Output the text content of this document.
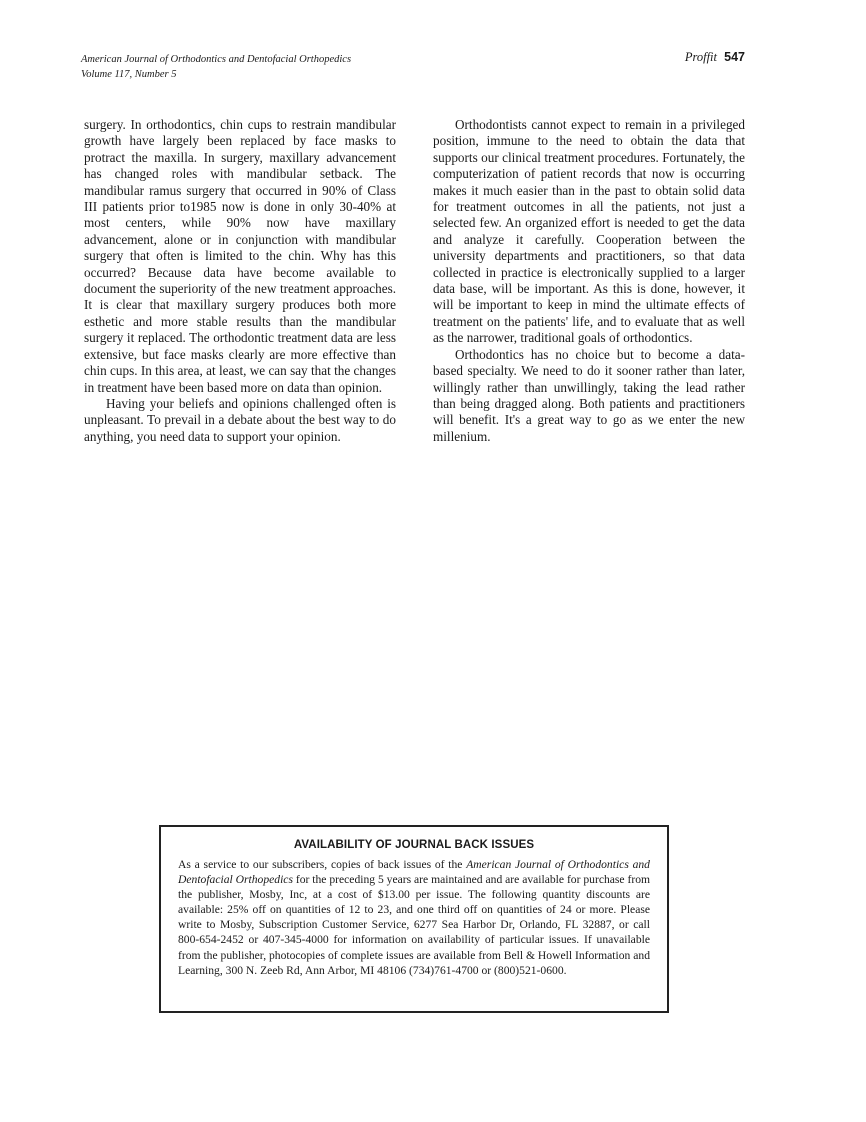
American Journal of Orthodontics and Dentofacial Orthopedics
Volume 117, Number 5
Proffit 547

surgery. In orthodontics, chin cups to restrain mandibular growth have largely been replaced by face masks to protract the maxilla. In surgery, maxillary advancement has changed roles with mandibular setback. The mandibular ramus surgery that occurred in 90% of Class III patients prior to1985 now is done in only 30-40% at most centers, while 90% now have maxillary advancement, alone or in conjunction with mandibular surgery that often is limited to the chin. Why has this occurred? Because data have become available to document the superiority of the new treatment approaches. It is clear that maxillary surgery produces both more esthetic and more stable results than the mandibular surgery it replaced. The orthodontic treatment data are less extensive, but face masks clearly are more effective than chin cups. In this area, at least, we can say that the changes in treatment have been based more on data than opinion.

Having your beliefs and opinions challenged often is unpleasant. To prevail in a debate about the best way to do anything, you need data to support your opinion.

Orthodontists cannot expect to remain in a privileged position, immune to the need to obtain the data that supports our clinical treatment procedures. Fortunately, the computerization of patient records that now is occurring makes it much easier than in the past to obtain solid data for treatment outcomes in all the patients, not just a selected few. An organized effort is needed to get the data and analyze it carefully. Cooperation between the university departments and practitioners, so that data collected in practice is electronically supplied to a larger data base, will be important. As this is done, however, it will be important to keep in mind the ultimate effects of treatment on the patients' life, and to evaluate that as well as the narrower, traditional goals of orthodontics.

Orthodontics has no choice but to become a data-based specialty. We need to do it sooner rather than later, willingly rather than unwillingly, taking the lead rather than being dragged along. Both patients and practitioners will benefit. It's a great way to go as we enter the new millenium.

AVAILABILITY OF JOURNAL BACK ISSUES
As a service to our subscribers, copies of back issues of the American Journal of Orthodontics and Dentofacial Orthopedics for the preceding 5 years are maintained and are available for purchase from the publisher, Mosby, Inc, at a cost of $13.00 per issue. The following quantity discounts are available: 25% off on quantities of 12 to 23, and one third off on quantities of 24 or more. Please write to Mosby, Subscription Customer Service, 6277 Sea Harbor Dr, Orlando, FL 32887, or call 800-654-2452 or 407-345-4000 for information on availability of particular issues. If unavailable from the publisher, photocopies of complete issues are available from Bell & Howell Information and Learning, 300 N. Zeeb Rd, Ann Arbor, MI 48106 (734)761-4700 or (800)521-0600.
